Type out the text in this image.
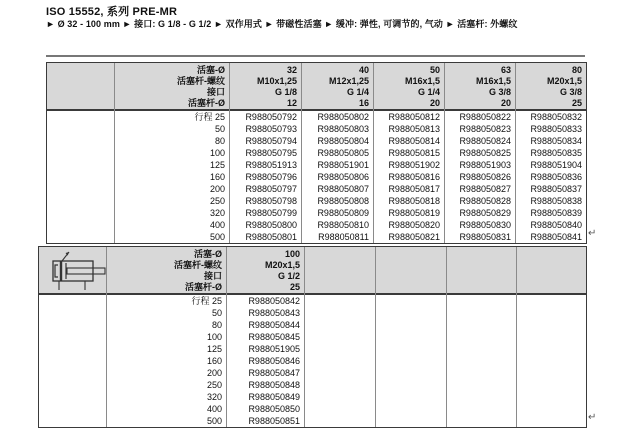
ISO 15552, 系列 PRE-MR
► Ø 32 - 100 mm ► 接口: G 1/8 - G 1/2 ► 双作用式 ► 带磁性活塞 ► 缓冲: 弹性, 可调节的, 气动 ► 活塞杆: 外螺纹
活塞-Ø
活塞杆-螺纹
接口
活塞杆-Ø
行程 25
50
80
100
125
160
200
250
320
400
500
32
M10x1,25
G 1/8
12
R988050792
R988050793
R988050794
R988050795
R988051913
R988050796
R988050797
R988050798
R988050799
R988050800
R988050801
40
M12x1,25
G 1/4
16
R988050802
R988050803
R988050804
R988050805
R988051901
R988050806
R988050807
R988050808
R988050809
R988050810
R988050811
50
M16x1,5
G 1/4
20
R988050812
R988050813
R988050814
R988050815
R988051902
R988050816
R988050817
R988050818
R988050819
R988050820
R988050821
63
M16x1,5
G 3/8
20
R988050822
R988050823
R988050824
R988050825
R988051903
R988050826
R988050827
R988050828
R988050829
R988050830
R988050831
80
M20x1,5
G 3/8
25
R988050832
R988050833
R988050834
R988050835
R988051904
R988050836
R988050837
R988050838
R988050839
R988050840
R988050841
活塞-Ø
活塞杆-螺纹
接口
活塞杆-Ø
行程 25
50
80
100
125
160
200
250
320
400
500
100
M20x1,5
G 1/2
25
R988050842
R988050843
R988050844
R988050845
R988051905
R988050846
R988050847
R988050848
R988050849
R988050850
R988050851
↵
↵
